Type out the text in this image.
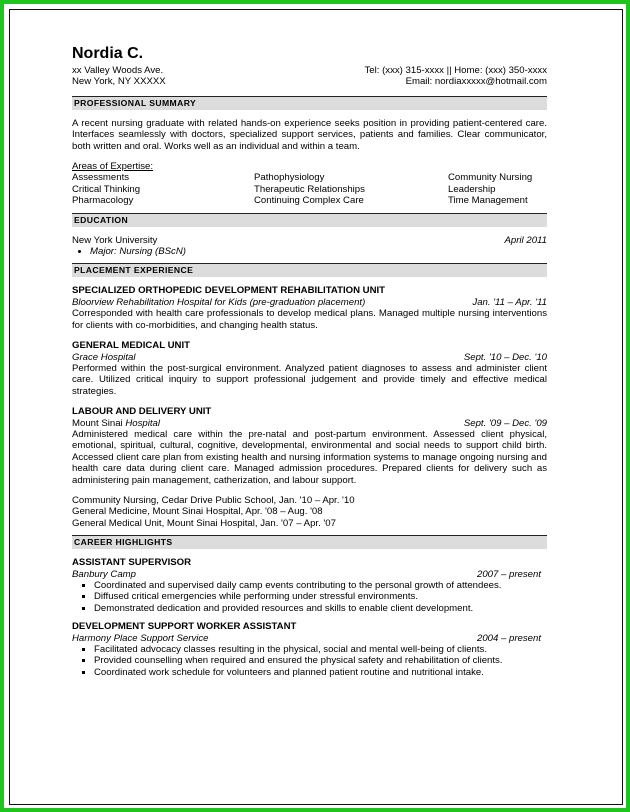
Nordia C.
xx Valley Woods Ave.	Tel: (xxx) 315-xxxx || Home: (xxx) 350-xxxx
New York, NY XXXXX	Email: nordiaxxxxx@hotmail.com
PROFESSIONAL SUMMARY
A recent nursing graduate with related hands-on experience seeks position in providing patient-centered care. Interfaces seamlessly with doctors, specialized support services, patients and families. Clear communicator, both written and oral. Works well as an individual and within a team.
Areas of Expertise:
Assessments	Pathophysiology	Community Nursing
Critical Thinking	Therapeutic Relationships	Leadership
Pharmacology	Continuing Complex Care	Time Management
EDUCATION
New York University	April 2011
• Major: Nursing (BScN)
PLACEMENT EXPERIENCE
SPECIALIZED ORTHOPEDIC DEVELOPMENT REHABILITATION UNIT
Bloorview Rehabilitation Hospital for Kids (pre-graduation placement)	Jan. '11 – Apr. '11
Corresponded with health care professionals to develop medical plans. Managed multiple nursing interventions for clients with co-morbidities, and changing health status.
GENERAL MEDICAL UNIT
Grace Hospital	Sept. '10 – Dec. '10
Performed within the post-surgical environment. Analyzed patient diagnoses to assess and administer client care. Utilized critical inquiry to support professional judgement and provide timely and effective medical strategies.
LABOUR AND DELIVERY UNIT
Mount Sinai Hospital	Sept. '09 – Dec. '09
Administered medical care within the pre-natal and post-partum environment. Assessed client physical, emotional, spiritual, cultural, cognitive, developmental, environmental and social needs to support child birth. Accessed client care plan from existing health and nursing information systems to manage ongoing nursing and health care data during client care. Managed admission procedures. Prepared clients for delivery such as administering pain management, catherization, and labour support.
Community Nursing, Cedar Drive Public School, Jan. '10 – Apr. '10
General Medicine, Mount Sinai Hospital, Apr. '08 – Aug. '08
General Medical Unit, Mount Sinai Hospital, Jan. '07 – Apr. '07
CAREER HIGHLIGHTS
ASSISTANT SUPERVISOR
Banbury Camp	2007 – present
▪ Coordinated and supervised daily camp events contributing to the personal growth of attendees.
▪ Diffused critical emergencies while performing under stressful environments.
▪ Demonstrated dedication and provided resources and skills to enable client development.
DEVELOPMENT SUPPORT WORKER ASSISTANT
Harmony Place Support Service	2004 – present
▪ Facilitated advocacy classes resulting in the physical, social and mental well-being of clients.
▪ Provided counselling when required and ensured the physical safety and rehabilitation of clients.
▪ Coordinated work schedule for volunteers and planned patient routine and nutritional intake.
